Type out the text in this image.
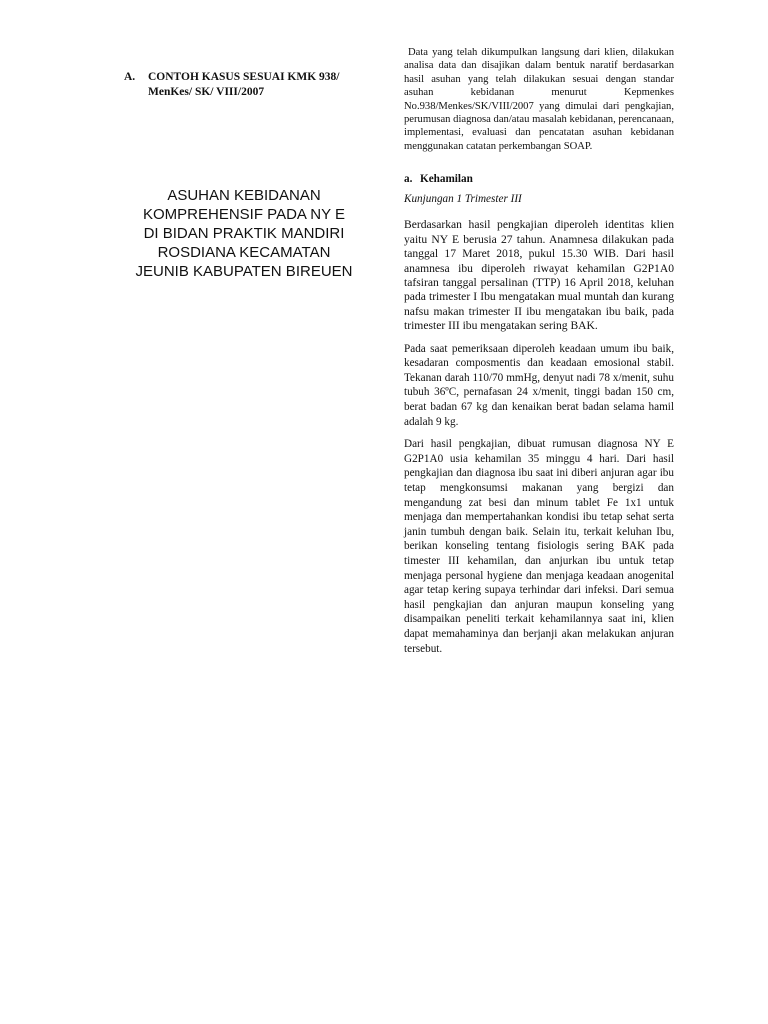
A. CONTOH KASUS SESUAI KMK 938/
MenKes/ SK/ VIII/2007
ASUHAN KEBIDANAN
KOMPREHENSIF PADA NY E
DI BIDAN PRAKTIK MANDIRI
ROSDIANA KECAMATAN
JEUNIB KABUPATEN BIREUEN

Data yang telah dikumpulkan langsung dari klien, dilakukan analisa data dan disajikan dalam bentuk naratif berdasarkan hasil asuhan yang telah dilakukan sesuai dengan standar asuhan kebidanan menurut Kepmenkes No.938/Menkes/SK/VIII/2007 yang dimulai dari pengkajian, perumusan diagnosa dan/atau masalah kebidanan, perencanaan, implementasi, evaluasi dan pencatatan asuhan kebidanan menggunakan catatan perkembangan SOAP.

a. Kehamilan
Kunjungan 1 Trimester III

Berdasarkan hasil pengkajian diperoleh identitas klien yaitu NY E berusia 27 tahun. Anamnesa dilakukan pada tanggal 17 Maret 2018, pukul 15.30 WIB. Dari hasil anamnesa ibu diperoleh riwayat kehamilan G2P1A0 tafsiran tanggal persalinan (TTP) 16 April 2018, keluhan pada trimester I Ibu mengatakan mual muntah dan kurang nafsu makan trimester II ibu mengatakan ibu baik, pada trimester III ibu mengatakan sering BAK.

Pada saat pemeriksaan diperoleh keadaan umum ibu baik, kesadaran composmentis dan keadaan emosional stabil. Tekanan darah 110/70 mmHg, denyut nadi 78 x/menit, suhu tubuh 36ºC, pernafasan 24 x/menit, tinggi badan 150 cm, berat badan 67 kg dan kenaikan berat badan selama hamil adalah 9 kg.

Dari hasil pengkajian, dibuat rumusan diagnosa NY E G2P1A0 usia kehamilan 35 minggu 4 hari. Dari hasil pengkajian dan diagnosa ibu saat ini diberi anjuran agar ibu tetap mengkonsumsi makanan yang bergizi dan mengandung zat besi dan minum tablet Fe 1x1 untuk menjaga dan mempertahankan kondisi ibu tetap sehat serta janin tumbuh dengan baik. Selain itu, terkait keluhan Ibu, berikan konseling tentang fisiologis sering BAK pada timester III kehamilan, dan anjurkan ibu untuk tetap menjaga personal hygiene dan menjaga keadaan anogenital agar tetap kering supaya terhindar dari infeksi. Dari semua hasil pengkajian dan anjuran maupun konseling yang disampaikan peneliti terkait kehamilannya saat ini, klien dapat memahaminya dan berjanji akan melakukan anjuran tersebut.
